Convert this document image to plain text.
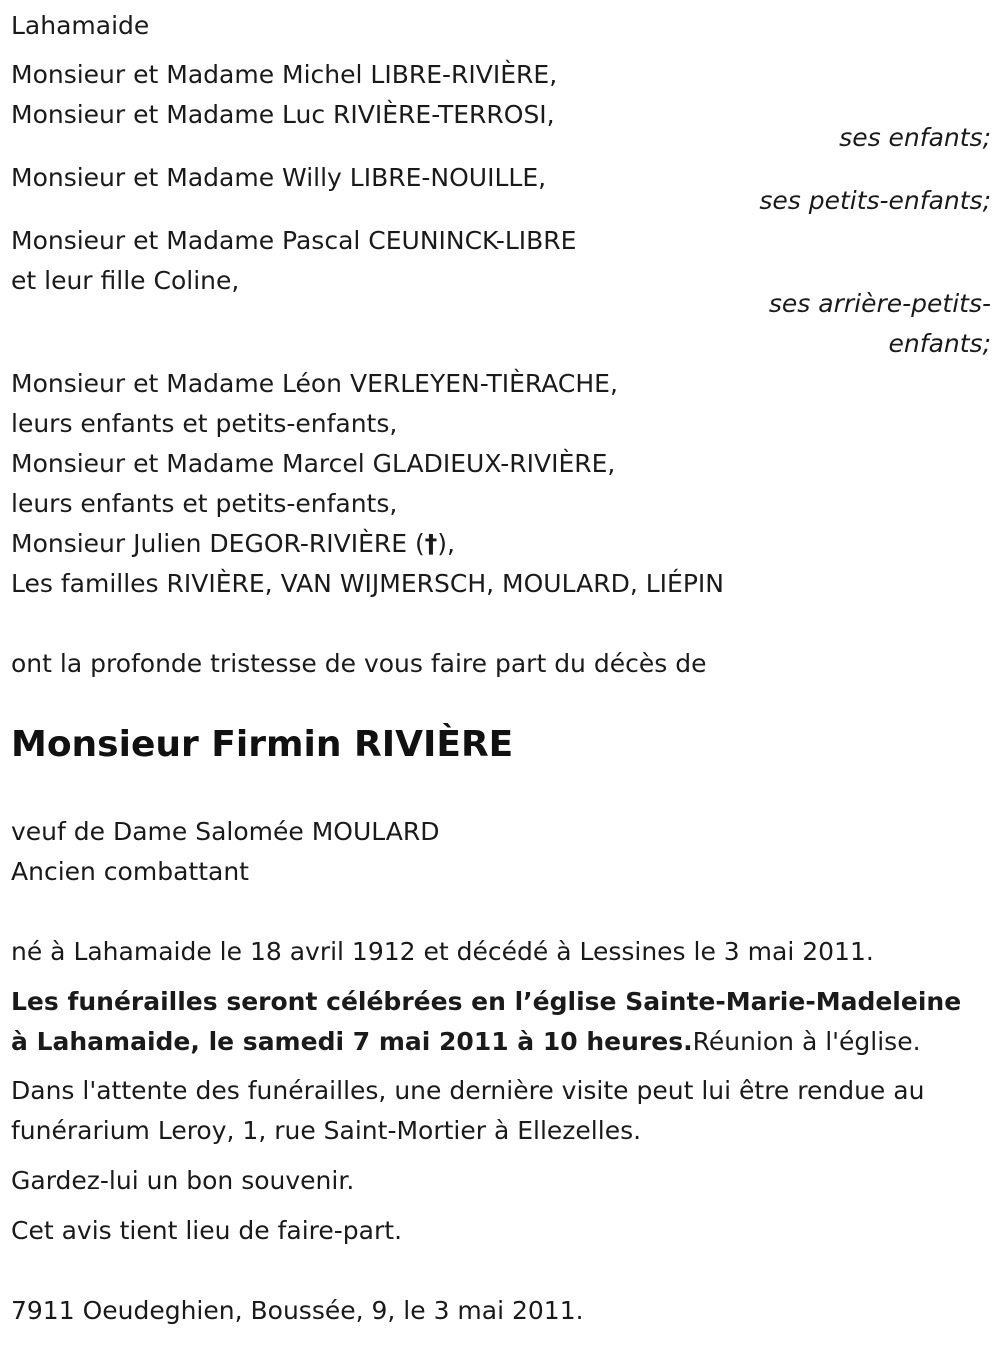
Lahamaide
Monsieur et Madame Michel LIBRE-RIVIÈRE,
Monsieur et Madame Luc RIVIÈRE-TERROSI,
ses enfants;
Monsieur et Madame Willy LIBRE-NOUILLE,
ses petits-enfants;
Monsieur et Madame Pascal CEUNINCK-LIBRE
et leur fille Coline,
ses arrière-petits-
enfants;
Monsieur et Madame Léon VERLEYEN-TIÈRACHE,
leurs enfants et petits-enfants,
Monsieur et Madame Marcel GLADIEUX-RIVIÈRE,
leurs enfants et petits-enfants,
Monsieur Julien DEGOR-RIVIÈRE (†),
Les familles RIVIÈRE, VAN WIJMERSCH, MOULARD, LIÉPIN
ont la profonde tristesse de vous faire part du décès de
Monsieur Firmin RIVIÈRE
veuf de Dame Salomée MOULARD
Ancien combattant
né à Lahamaide le 18 avril 1912 et décédé à Lessines le 3 mai 2011.
Les funérailles seront célébrées en l’église Sainte-Marie-Madeleine à Lahamaide, le samedi 7 mai 2011 à 10 heures.Réunion à l'église.
Dans l'attente des funérailles, une dernière visite peut lui être rendue au funérarium Leroy, 1, rue Saint-Mortier à Ellezelles.
Gardez-lui un bon souvenir.
Cet avis tient lieu de faire-part.
7911 Oeudeghien, Boussée, 9, le 3 mai 2011.
